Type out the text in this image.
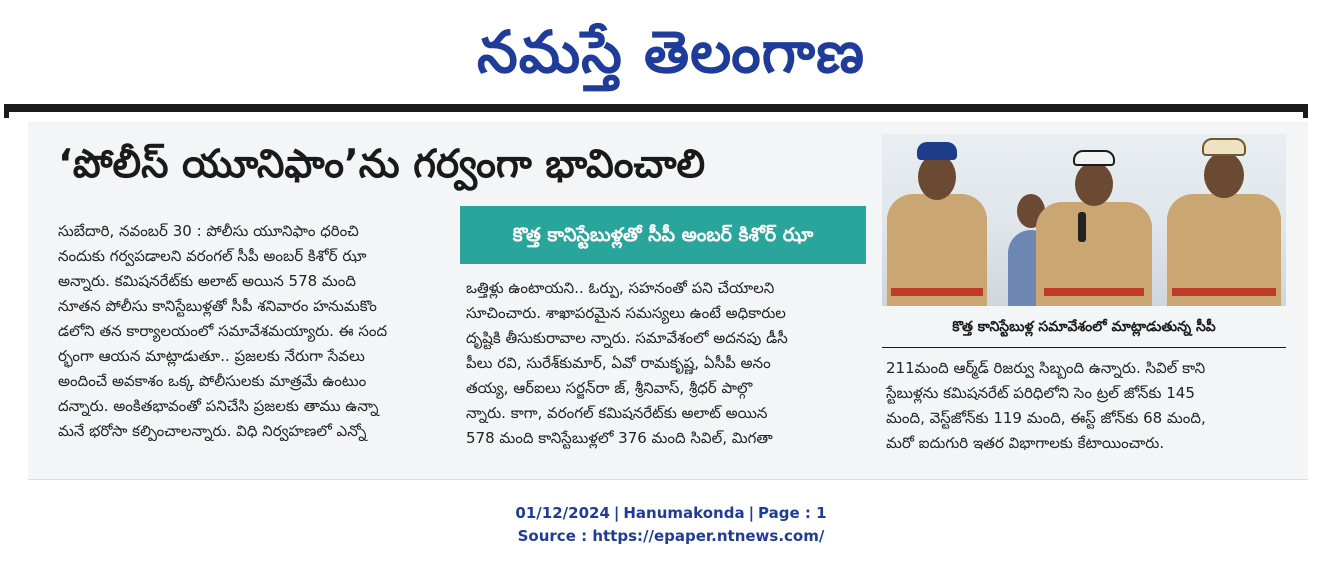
నమస్తే తెలంగాణ
‘పోలీస్ యూనిఫాం’ను గర్వంగా భావించాలి

సుబేదారి, నవంబర్ 30 : పోలీసు యూనిఫాం ధరించి

నందుకు గర్వపడాలని వరంగల్ సీపీ అంబర్ కిశోర్ ఝా

అన్నారు. కమిషనరేట్‌కు అలాట్ అయిన 578 మంది

నూతన పోలీసు కానిస్టేబుళ్లతో సీపీ శనివారం హనుమకొం

డలోని తన కార్యాలయంలో సమావేశమయ్యారు. ఈ సంద

ర్భంగా ఆయన మాట్లాడుతూ.. ప్రజలకు నేరుగా సేవలు

అందించే అవకాశం ఒక్క పోలీసులకు మాత్రమే ఉంటుం

దన్నారు. అంకితభావంతో పనిచేసి ప్రజలకు తాము ఉన్నా

మనే భరోసా కల్పించాలన్నారు. విధి నిర్వహణలో ఎన్నో

కొత్త కానిస్టేబుళ్లతో సీపీ అంబర్ కిశోర్ ఝా

ఒత్తిళ్లు ఉంటాయని.. ఓర్పు, సహనంతో పని చేయాలని

సూచించారు. శాఖాపరమైన సమస్యలు ఉంటే అధికారుల

దృష్టికి తీసుకురావాల న్నారు. సమావేశంలో అదనపు డీసీ

పీలు రవి, సురేశ్‌కుమార్, ఏవో రామకృష్ణ, ఏసీపీ అనం

తయ్య, ఆర్‌ఐలు సర్జన్‌రా జ్, శ్రీనివాస్, శ్రీధర్ పాల్గొ

న్నారు. కాగా, వరంగల్ కమిషనరేట్‌కు అలాట్ అయిన

578 మంది కానిస్టేబుళ్లలో 376 మంది సివిల్, మిగతా

కొత్త కానిస్టేబుళ్ల సమావేశంలో మాట్లాడుతున్న సీపీ

211మంది ఆర్మ్‌డ్ రిజర్వు సిబ్బంది ఉన్నారు. సివిల్ కాని

స్టేబుళ్లను కమిషనరేట్ పరిధిలోని సెం ట్రల్ జోన్‌కు 145

మంది, వెస్ట్‌జోన్‌కు 119 మంది, ఈస్ట్ జోన్‌కు 68 మంది,

మరో ఐదుగురి ఇతర విభాగాలకు కేటాయించారు.

01/12/2024 | Hanumakonda | Page : 1
Source : https://epaper.ntnews.com/
